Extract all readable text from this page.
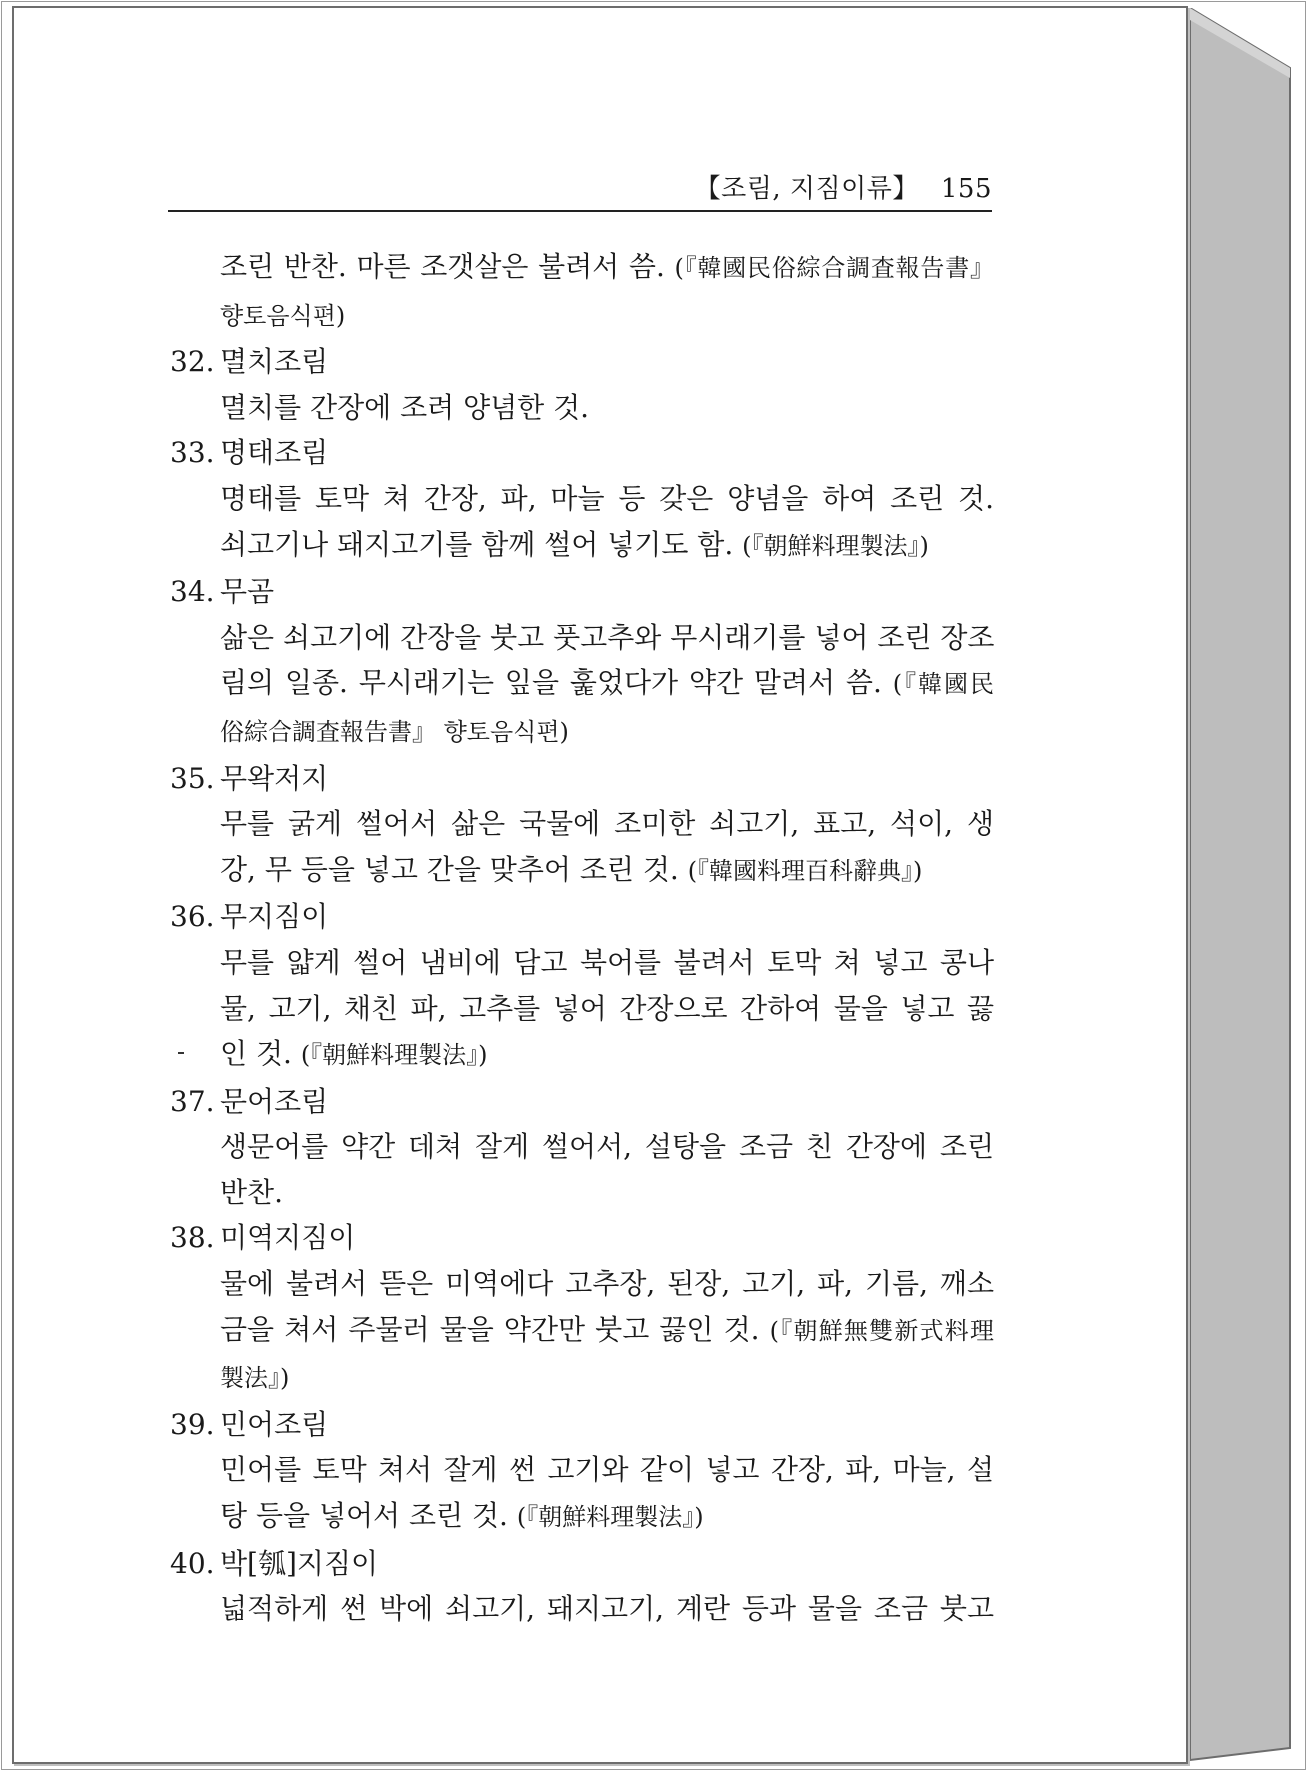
【조림, 지짐이류】 155
조린 반찬. 마른 조갯살은 불려서 씀. (『韓國民俗綜合調査報告書』
향토음식편)
32. 멸치조림
멸치를 간장에 조려 양념한 것.
33. 명태조림
명태를 토막 쳐 간장, 파, 마늘 등 갖은 양념을 하여 조린 것.
쇠고기나 돼지고기를 함께 썰어 넣기도 함. (『朝鮮料理製法』)
34. 무곰
삶은 쇠고기에 간장을 붓고 풋고추와 무시래기를 넣어 조린 장조
림의 일종. 무시래기는 잎을 훑었다가 약간 말려서 씀. (『韓國民
俗綜合調査報告書』 향토음식편)
35. 무왁저지
무를 굵게 썰어서 삶은 국물에 조미한 쇠고기, 표고, 석이, 생
강, 무 등을 넣고 간을 맞추어 조린 것. (『韓國料理百科辭典』)
36. 무지짐이
무를 얇게 썰어 냄비에 담고 북어를 불려서 토막 쳐 넣고 콩나
물, 고기, 채친 파, 고추를 넣어 간장으로 간하여 물을 넣고 끓
인 것. (『朝鮮料理製法』)
37. 문어조림
생문어를 약간 데쳐 잘게 썰어서, 설탕을 조금 친 간장에 조린
반찬.
38. 미역지짐이
물에 불려서 뜯은 미역에다 고추장, 된장, 고기, 파, 기름, 깨소
금을 쳐서 주물러 물을 약간만 붓고 끓인 것. (『朝鮮無雙新式料理
製法』)
39. 민어조림
민어를 토막 쳐서 잘게 썬 고기와 같이 넣고 간장, 파, 마늘, 설
탕 등을 넣어서 조린 것. (『朝鮮料理製法』)
40. 박[瓠]지짐이
넓적하게 썬 박에 쇠고기, 돼지고기, 계란 등과 물을 조금 붓고
